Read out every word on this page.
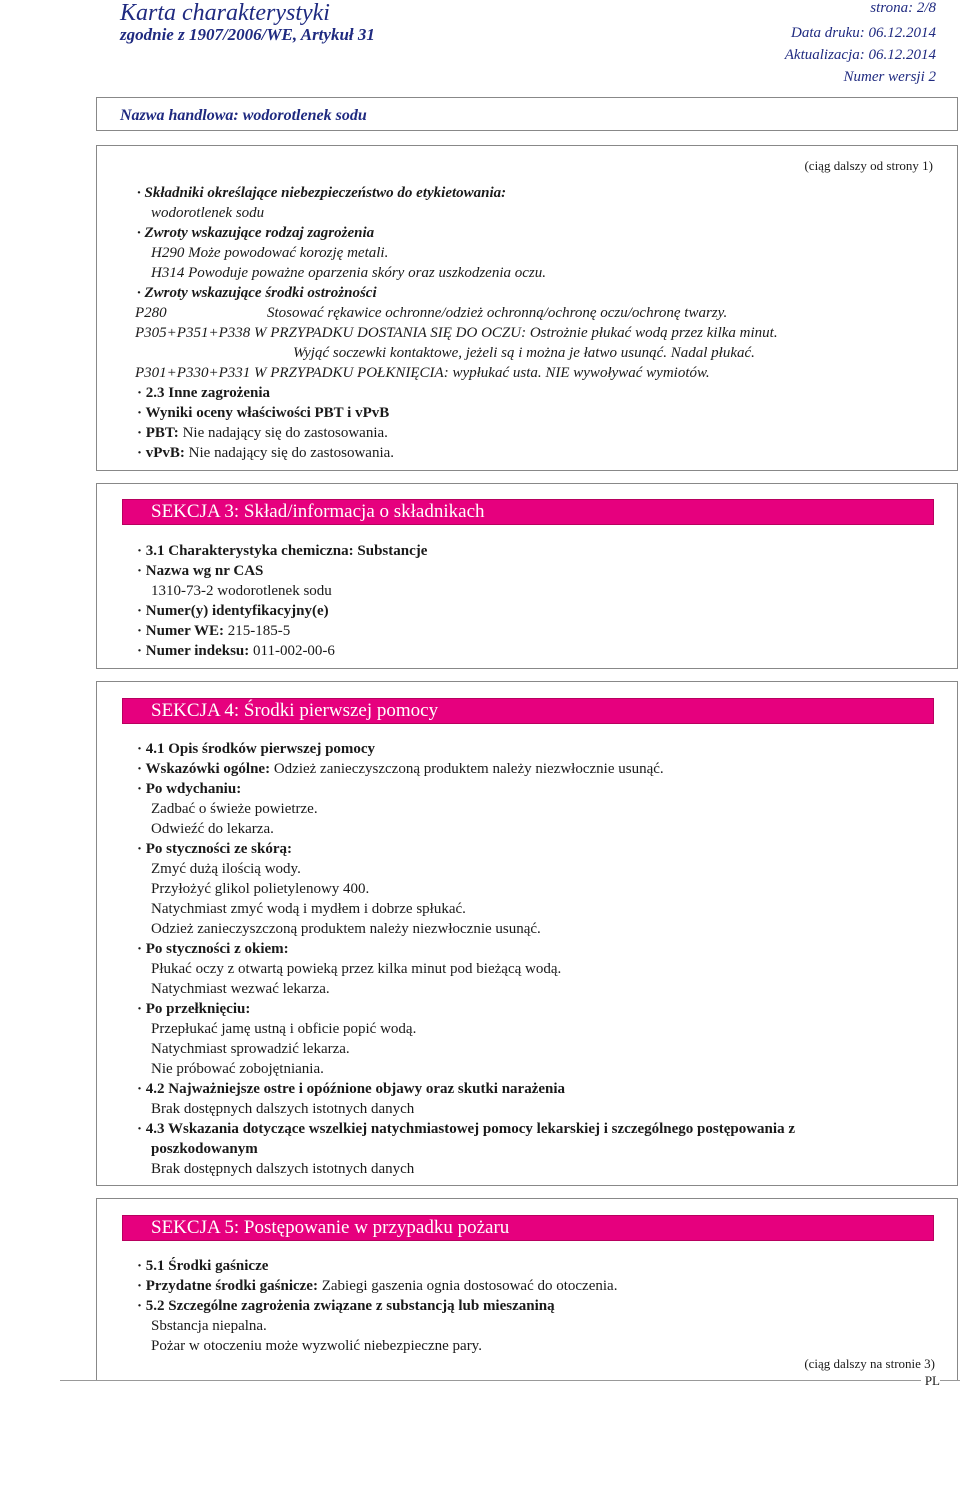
Karta charakterystyki
zgodnie z 1907/2006/WE, Artykuł 31
strona: 2/8
Data druku: 06.12.2014
Aktualizacja: 06.12.2014
Numer wersji 2
Nazwa handlowa: wodorotlenek sodu
(ciąg dalszy od strony 1)
· Składniki określające niebezpieczeństwo do etykietowania:
wodorotlenek sodu
· Zwroty wskazujące rodzaj zagrożenia
H290 Może powodować korozję metali.
H314 Powoduje poważne oparzenia skóry oraz uszkodzenia oczu.
· Zwroty wskazujące środki ostrożności
P280	Stosować rękawice ochronne/odzież ochronną/ochronę oczu/ochronę twarzy.
P305+P351+P338 W PRZYPADKU DOSTANIA SIĘ DO OCZU: Ostrożnie płukać wodą przez kilka minut.
Wyjąć soczewki kontaktowe, jeżeli są i można je łatwo usunąć. Nadal płukać.
P301+P330+P331 W PRZYPADKU POŁKNIĘCIA: wypłukać usta. NIE wywoływać wymiotów.
· 2.3 Inne zagrożenia
· Wyniki oceny właściwości PBT i vPvB
· PBT: Nie nadający się do zastosowania.
· vPvB: Nie nadający się do zastosowania.
SEKCJA 3: Skład/informacja o składnikach
· 3.1 Charakterystyka chemiczna: Substancje
· Nazwa wg nr CAS
1310-73-2 wodorotlenek sodu
· Numer(y) identyfikacyjny(e)
· Numer WE: 215-185-5
· Numer indeksu: 011-002-00-6
SEKCJA 4: Środki pierwszej pomocy
· 4.1 Opis środków pierwszej pomocy
· Wskazówki ogólne: Odzież zanieczyszczoną produktem należy niezwłocznie usunąć.
· Po wdychaniu:
Zadbać o świeże powietrze.
Odwieźć do lekarza.
· Po styczności ze skórą:
Zmyć dużą ilością wody.
Przyłożyć glikol polietylenowy 400.
Natychmiast zmyć wodą i mydłem i dobrze spłukać.
Odzież zanieczyszczoną produktem należy niezwłocznie usunąć.
· Po styczności z okiem:
Płukać oczy z otwartą powieką przez kilka minut pod bieżącą wodą.
Natychmiast wezwać lekarza.
· Po przełknięciu:
Przepłukać jamę ustną i obficie popić wodą.
Natychmiast sprowadzić lekarza.
Nie próbować zobojętniania.
· 4.2 Najważniejsze ostre i opóźnione objawy oraz skutki narażenia
Brak dostępnych dalszych istotnych danych
· 4.3 Wskazania dotyczące wszelkiej natychmiastowej pomocy lekarskiej i szczególnego postępowania z
poszkodowanym
Brak dostępnych dalszych istotnych danych
SEKCJA 5: Postępowanie w przypadku pożaru
· 5.1 Środki gaśnicze
· Przydatne środki gaśnicze: Zabiegi gaszenia ognia dostosować do otoczenia.
· 5.2 Szczególne zagrożenia związane z substancją lub mieszaniną
Sbstancja niepalna.
Pożar w otoczeniu może wyzwolić niebezpieczne pary.
(ciąg dalszy na stronie 3)
PL
